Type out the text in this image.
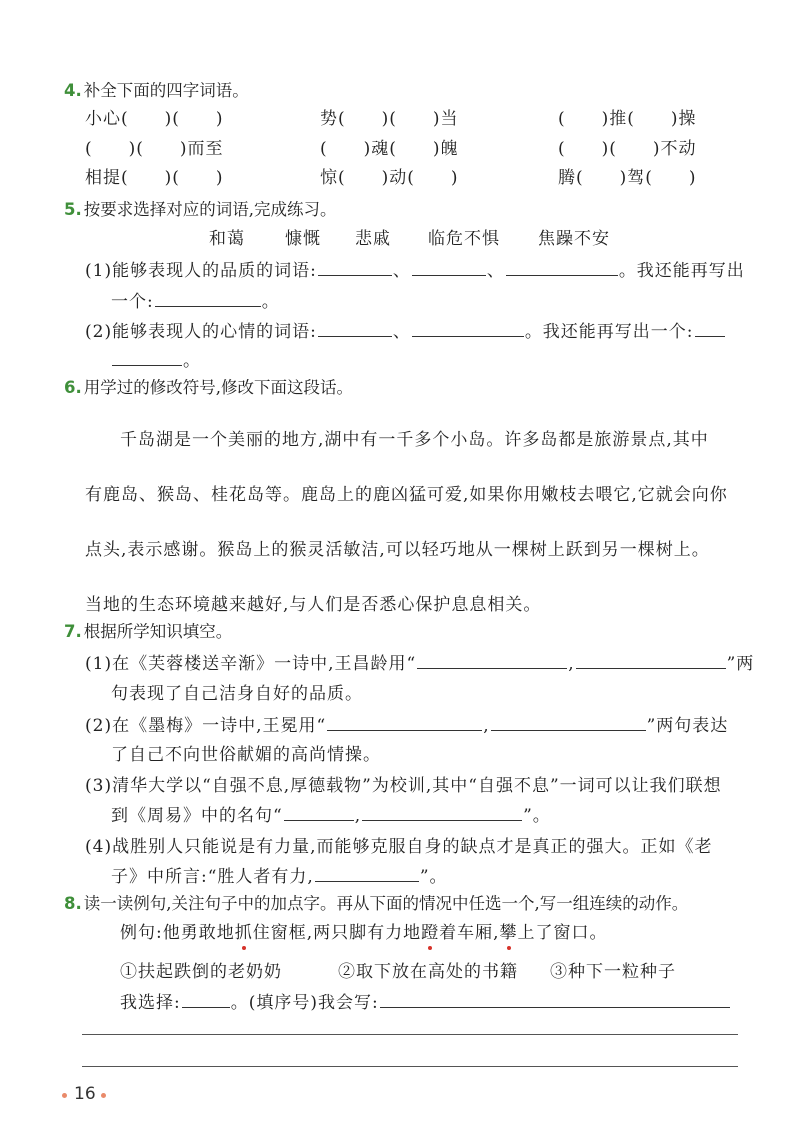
4. 补全下面的四字词语。
小心(　　)(　　)	势(　　)(　　)当	(　　)推(　　)操
(　　)(　　)而至	(　　)魂(　　)魄	(　　)(　　)不动
相提(　　)(　　)	惊(　　)动(　　)	腾(　　)驾(　　)
5. 按要求选择对应的词语,完成练习。
和蔼 慷慨 悲戚 临危不惧 焦躁不安
(1)能够表现人的品质的词语:	、	、	。我还能再写出
一个:	。
(2)能够表现人的心情的词语:	、	。我还能再写出一个:
。
6. 用学过的修改符号,修改下面这段话。
千岛湖是一个美丽的地方,湖中有一千多个小岛。许多岛都是旅游景点,其中
有鹿岛、猴岛、桂花岛等。鹿岛上的鹿凶猛可爱,如果你用嫩枝去喂它,它就会向你
点头,表示感谢。猴岛上的猴灵活敏洁,可以轻巧地从一棵树上跃到另一棵树上。
当地的生态环境越来越好,与人们是否悉心保护息息相关。
7. 根据所学知识填空。
(1)在《芙蓉楼送辛渐》一诗中,王昌龄用“	,	”两
句表现了自己洁身自好的品质。
(2)在《墨梅》一诗中,王冕用“	,	”两句表达
了自己不向世俗献媚的高尚情操。
(3)清华大学以“自强不息,厚德载物”为校训,其中“自强不息”一词可以让我们联想
到《周易》中的名句“	,	”。
(4)战胜别人只能说是有力量,而能够克服自身的缺点才是真正的强大。正如《老
子》中所言:“胜人者有力,	”。
8. 读一读例句,关注句子中的加点字。再从下面的情况中任选一个,写一组连续的动作。
例句:他勇敢地抓住窗框,两只脚有力地蹬着车厢,攀上了窗口。
①扶起跌倒的老奶奶	②取下放在高处的书籍 ③种下一粒种子
我选择:	。(填序号)我会写:
16
